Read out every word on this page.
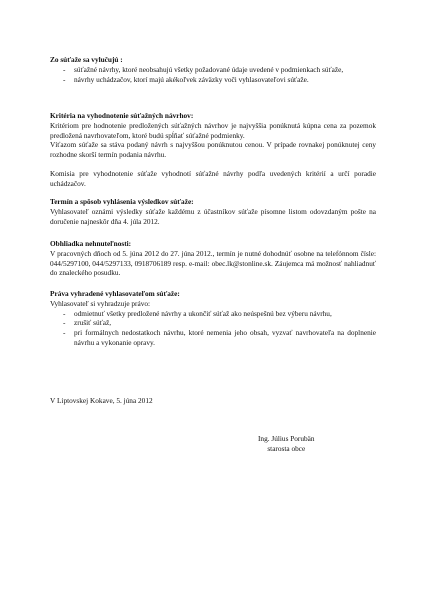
Zo súťaže sa vylučujú :
- súťažné návrhy, ktoré neobsahujú všetky požadované údaje uvedené v podmienkach súťaže,
- návrhy uchádzačov, ktorí majú akékoľvek záväzky voči vyhlasovateľovi súťaže.
Kritéria na vyhodnotenie súťažných návrhov:
Kritériom pre hodnotenie predložených súťažných návrhov je najvyššia ponúknutá kúpna cena za pozemok predložená navrhovateľom, ktoré budú spĺňať súťažné podmienky.
Víťazom súťaže sa stáva podaný návrh s najvyššou ponúknutou cenou. V prípade rovnakej ponúknutej ceny rozhodne skorší termín podania návrhu.
Komisia pre vyhodnotenie súťaže vyhodnotí súťažné návrhy podľa uvedených kritérií a určí poradie uchádzačov.
Termín a spôsob vyhlásenia výsledkov súťaže:
Vyhlasovateľ oznámi výsledky súťaže každému z účastníkov súťaže písomne listom odovzdaným pošte na doručenie najneskôr dňa 4. júla 2012.
Obhliadka nehnuteľnosti:
V pracovných dňoch od 5. júna 2012 do 27. júna 2012., termín je nutné dohodnúť osobne na telefónnom čísle: 044/5297100, 044/5297133, 0918706189 resp. e-mail: obec.lk@stonline.sk. Záujemca má možnosť nahliadnuť do znaleckého posudku.
Práva vyhradené vyhlasovateľom súťaže:
Vyhlasovateľ si vyhradzuje právo:
- odmietnuť všetky predložené návrhy a ukončiť súťaž ako neúspešnú bez výberu návrhu,
- zrušiť súťaž,
- pri formálnych nedostatkoch návrhu, ktoré nemenia jeho obsah, vyzvať navrhovateľa na doplnenie návrhu a vykonanie opravy.
V Liptovskej Kokave, 5. júna 2012
Ing. Július Porubän
starosta obce
